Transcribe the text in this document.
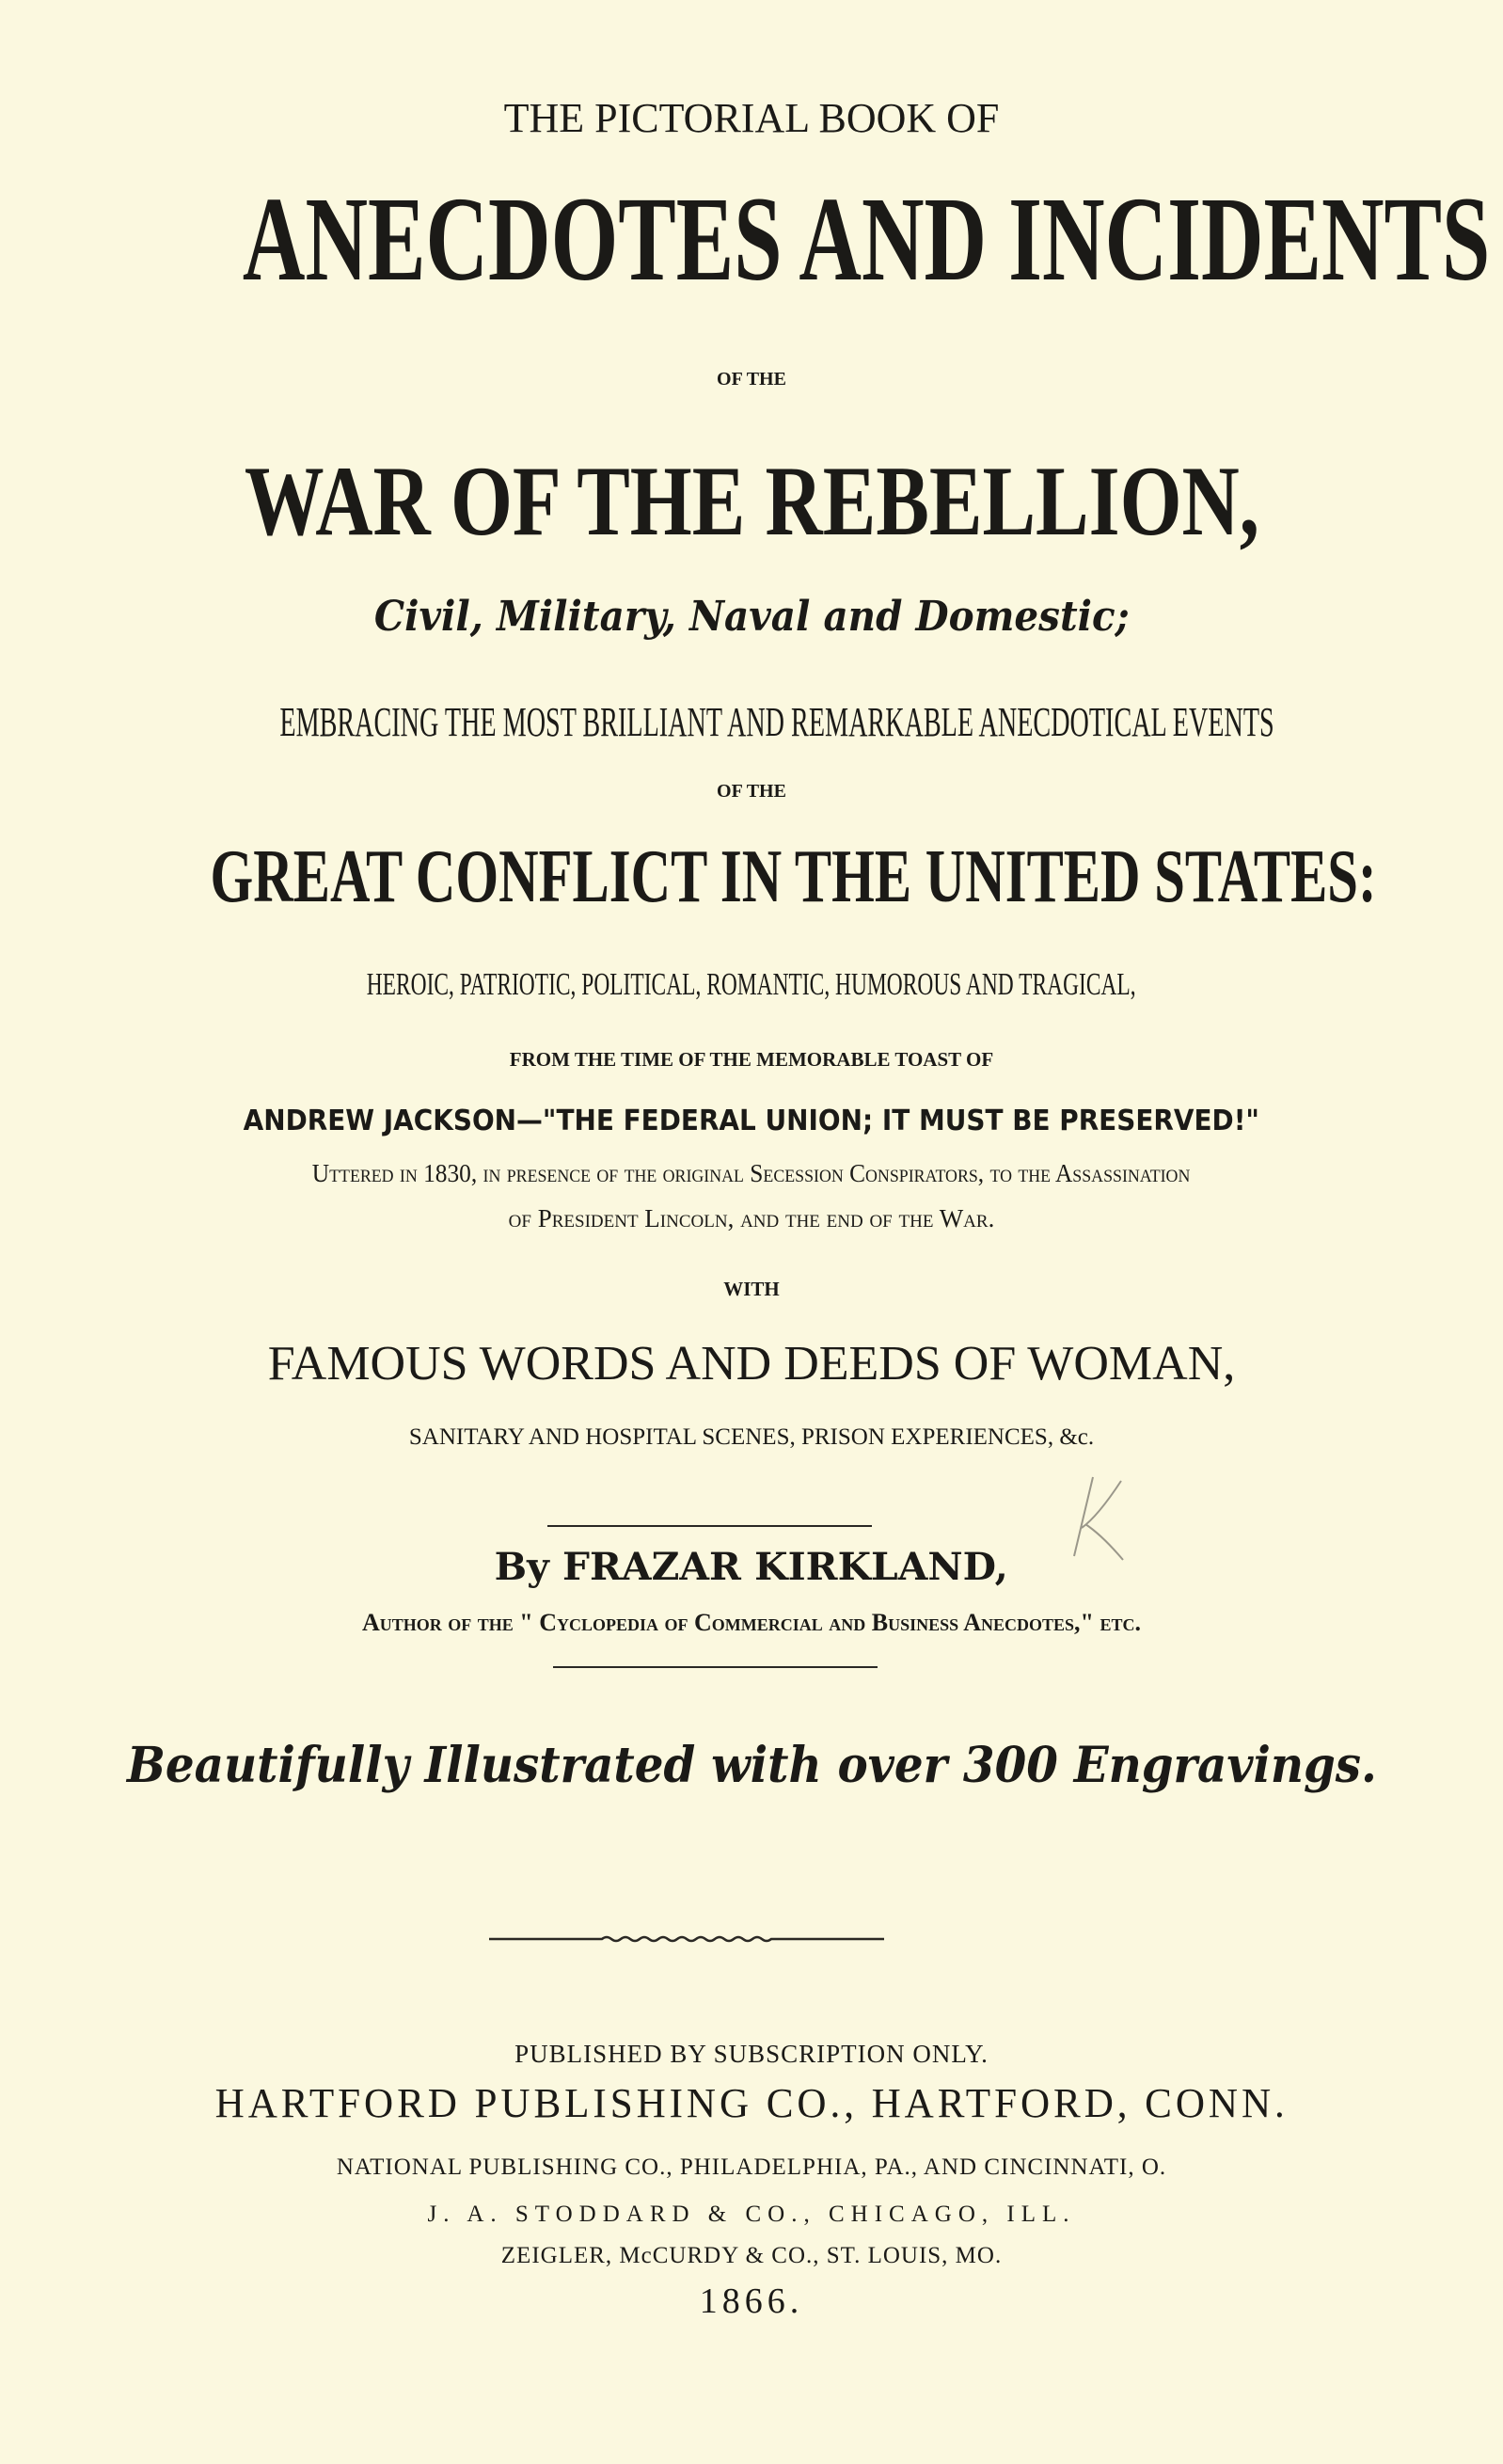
THE PICTORIAL BOOK OF

ANECDOTES AND INCIDENTS

OF THE

WAR OF THE REBELLION,

Civil, Military, Naval and Domestic;

EMBRACING THE MOST BRILLIANT AND REMARKABLE ANECDOTICAL EVENTS

OF THE

GREAT CONFLICT IN THE UNITED STATES:

HEROIC, PATRIOTIC, POLITICAL, ROMANTIC, HUMOROUS AND TRAGICAL,

FROM THE TIME OF THE MEMORABLE TOAST OF

ANDREW JACKSON—"THE FEDERAL UNION; IT MUST BE PRESERVED!"

Uttered in 1830, in presence of the original Secession Conspirators, to the Assassination

of President Lincoln, and the end of the War.

WITH

FAMOUS WORDS AND DEEDS OF WOMAN,

SANITARY AND HOSPITAL SCENES, PRISON EXPERIENCES, &c.

By FRAZAR KIRKLAND,

Author of the " Cyclopedia of Commercial and Business Anecdotes," etc.

Beautifully Illustrated with over 300 Engravings.

PUBLISHED BY SUBSCRIPTION ONLY.

HARTFORD PUBLISHING CO., HARTFORD, CONN.

NATIONAL PUBLISHING CO., PHILADELPHIA, PA., AND CINCINNATI, O.

J. A. STODDARD & CO., CHICAGO, ILL.

ZEIGLER, McCURDY & CO., ST. LOUIS, MO.

1866.
